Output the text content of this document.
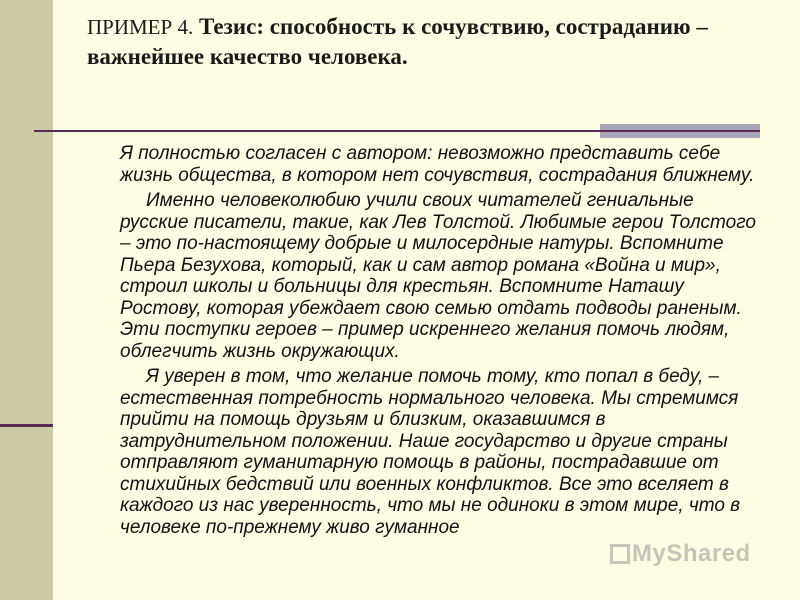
ПРИМЕР 4. Тезис: способность к сочувствию, состраданию – важнейшее качество человека.

Я полностью согласен с автором: невозможно представить себе жизнь общества, в котором нет сочувствия, сострадания ближнему.

Именно человеколюбию учили своих читателей гениальные русские писатели, такие, как Лев Толстой. Любимые герои Толстого – это по-настоящему добрые и милосердные натуры. Вспомните Пьера Безухова, который, как и сам автор романа «Война и мир», строил школы и больницы для крестьян. Вспомните Наташу Ростову, которая убеждает свою семью отдать подводы раненым. Эти поступки героев – пример искреннего желания помочь людям, облегчить жизнь окружающих.

Я уверен в том, что желание помочь тому, кто попал в беду, – естественная потребность нормального человека. Мы стремимся прийти на помощь друзьям и близким, оказавшимся в затруднительном положении. Наше государство и другие страны отправляют гуманитарную помощь в районы, пострадавшие от стихийных бедствий или военных конфликтов. Все это вселяет в каждого из нас уверенность, что мы не одиноки в этом мире, что в человеке по-прежнему живо гуманное

MyShared
